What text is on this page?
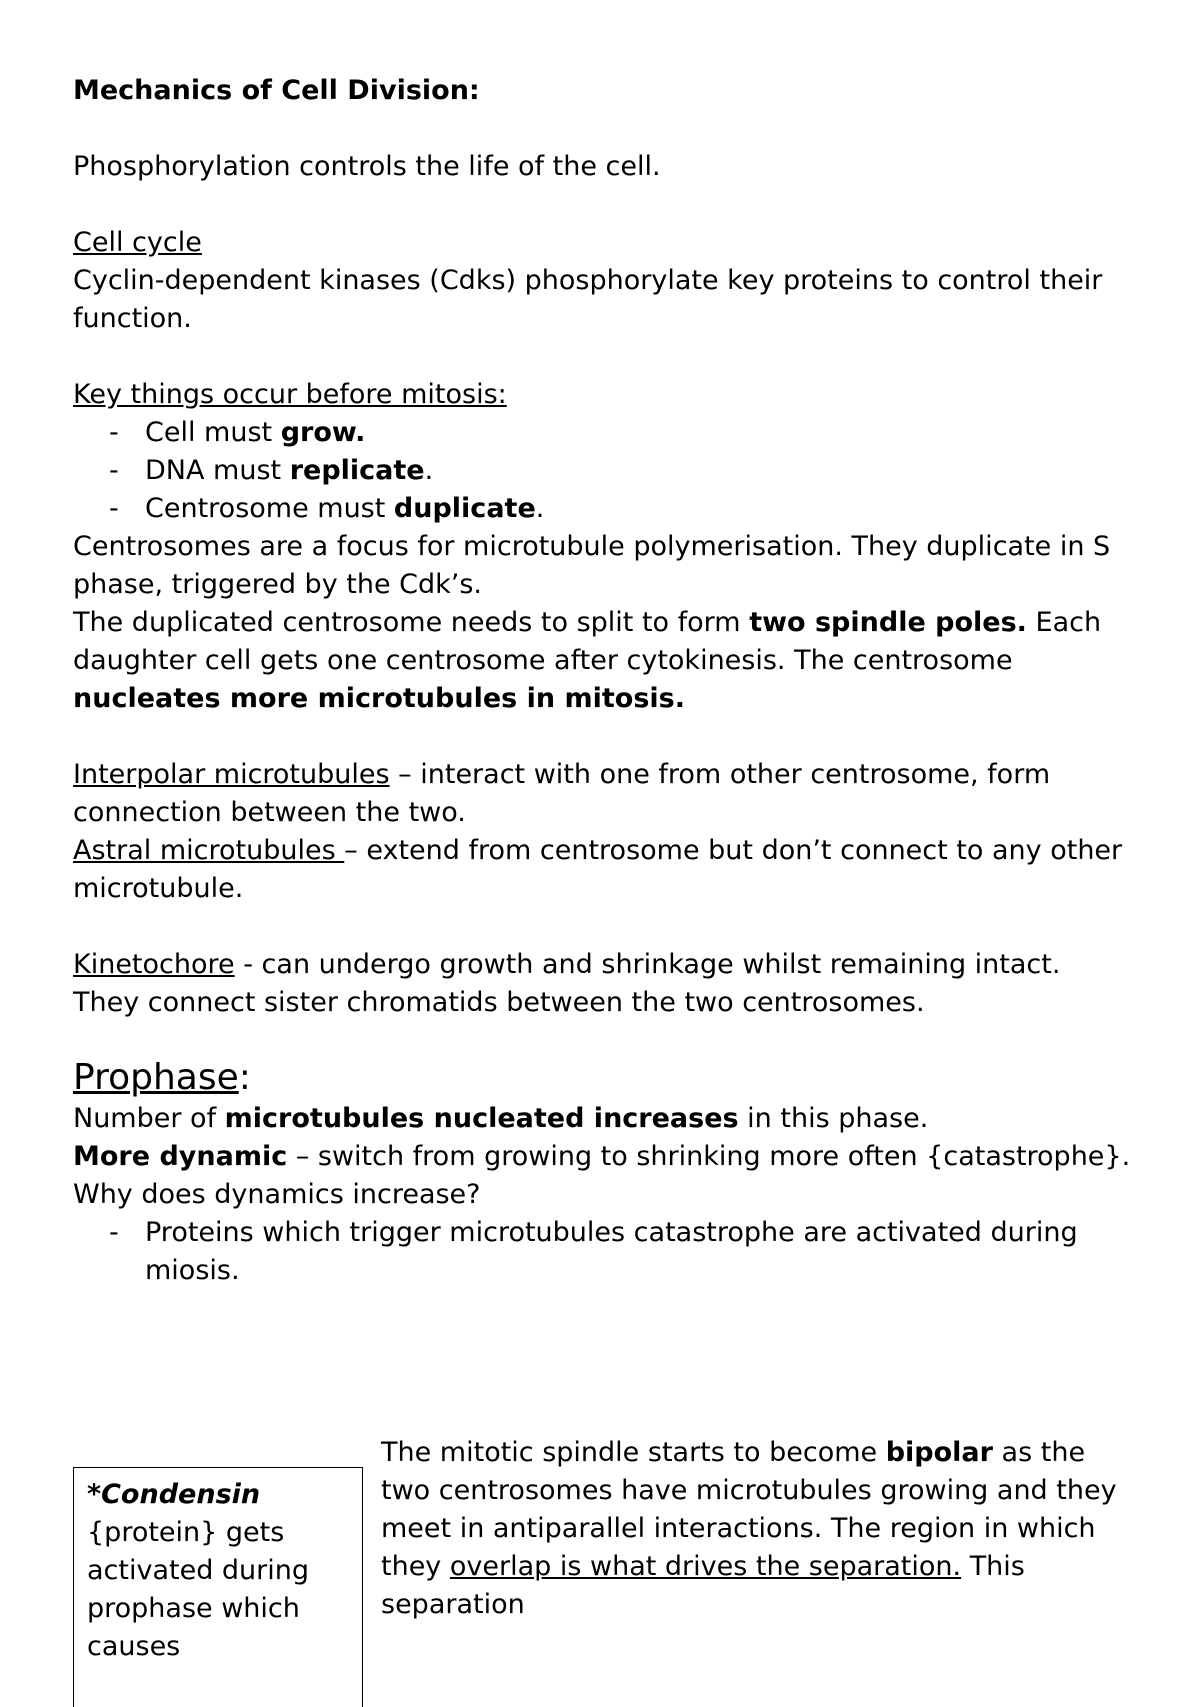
Mechanics of Cell Division:

Phosphorylation controls the life of the cell.

Cell cycle

Cyclin-dependent kinases (Cdks) phosphorylate key proteins to control their function.

Key things occur before mitosis:

- Cell must grow.
- DNA must replicate.
- Centrosome must duplicate.

Centrosomes are a focus for microtubule polymerisation. They duplicate in S phase, triggered by the Cdk’s.

The duplicated centrosome needs to split to form two spindle poles. Each daughter cell gets one centrosome after cytokinesis. The centrosome nucleates more microtubules in mitosis.

Interpolar microtubules – interact with one from other centrosome, form connection between the two.

Astral microtubules – extend from centrosome but don’t connect to any other microtubule.

Kinetochore - can undergo growth and shrinkage whilst remaining intact. They connect sister chromatids between the two centrosomes.

Prophase:

Number of microtubules nucleated increases in this phase.

More dynamic – switch from growing to shrinking more often {catastrophe}.

Why does dynamics increase?

- Proteins which trigger microtubules catastrophe are activated during miosis.
*Condensin {protein} gets activated during prophase which causes
The mitotic spindle starts to become bipolar as the two centrosomes have microtubules growing and they meet in antiparallel interactions. The region in which they overlap is what drives the separation. This separation
